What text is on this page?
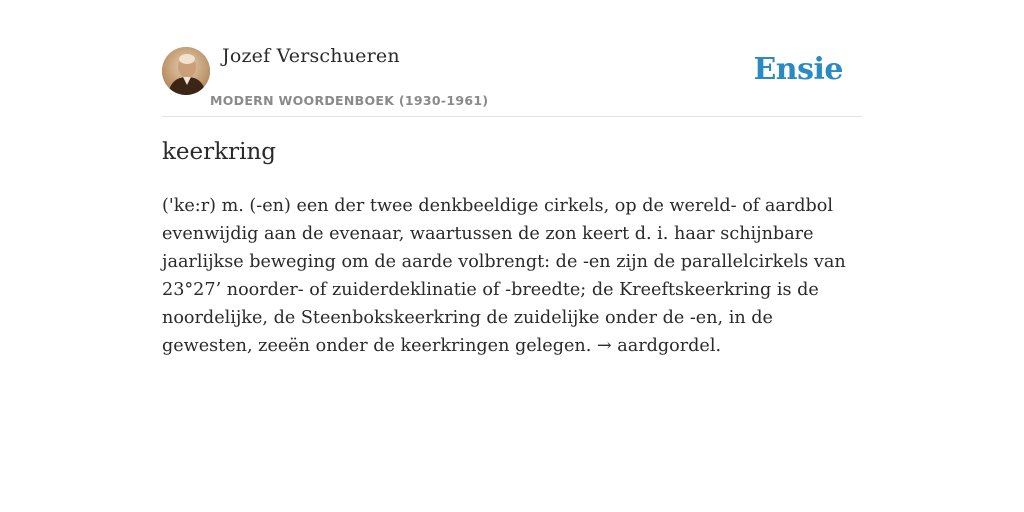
Jozef Verschueren
MODERN WOORDENBOEK (1930-1961)
Ensie
keerkring

('ke:r) m. (-en) een der twee denkbeeldige cirkels, op de wereld- of aardbol evenwijdig aan de evenaar, waartussen de zon keert d. i. haar schijnbare jaarlijkse beweging om de aarde volbrengt: de -en zijn de parallelcirkels van 23°27’ noorder- of zuiderdeklinatie of -breedte; de Kreeftskeerkring is de noordelijke, de Steenbokskeerkring de zuidelijke onder de -en, in de gewesten, zeeën onder de keerkringen gelegen. → aardgordel.
